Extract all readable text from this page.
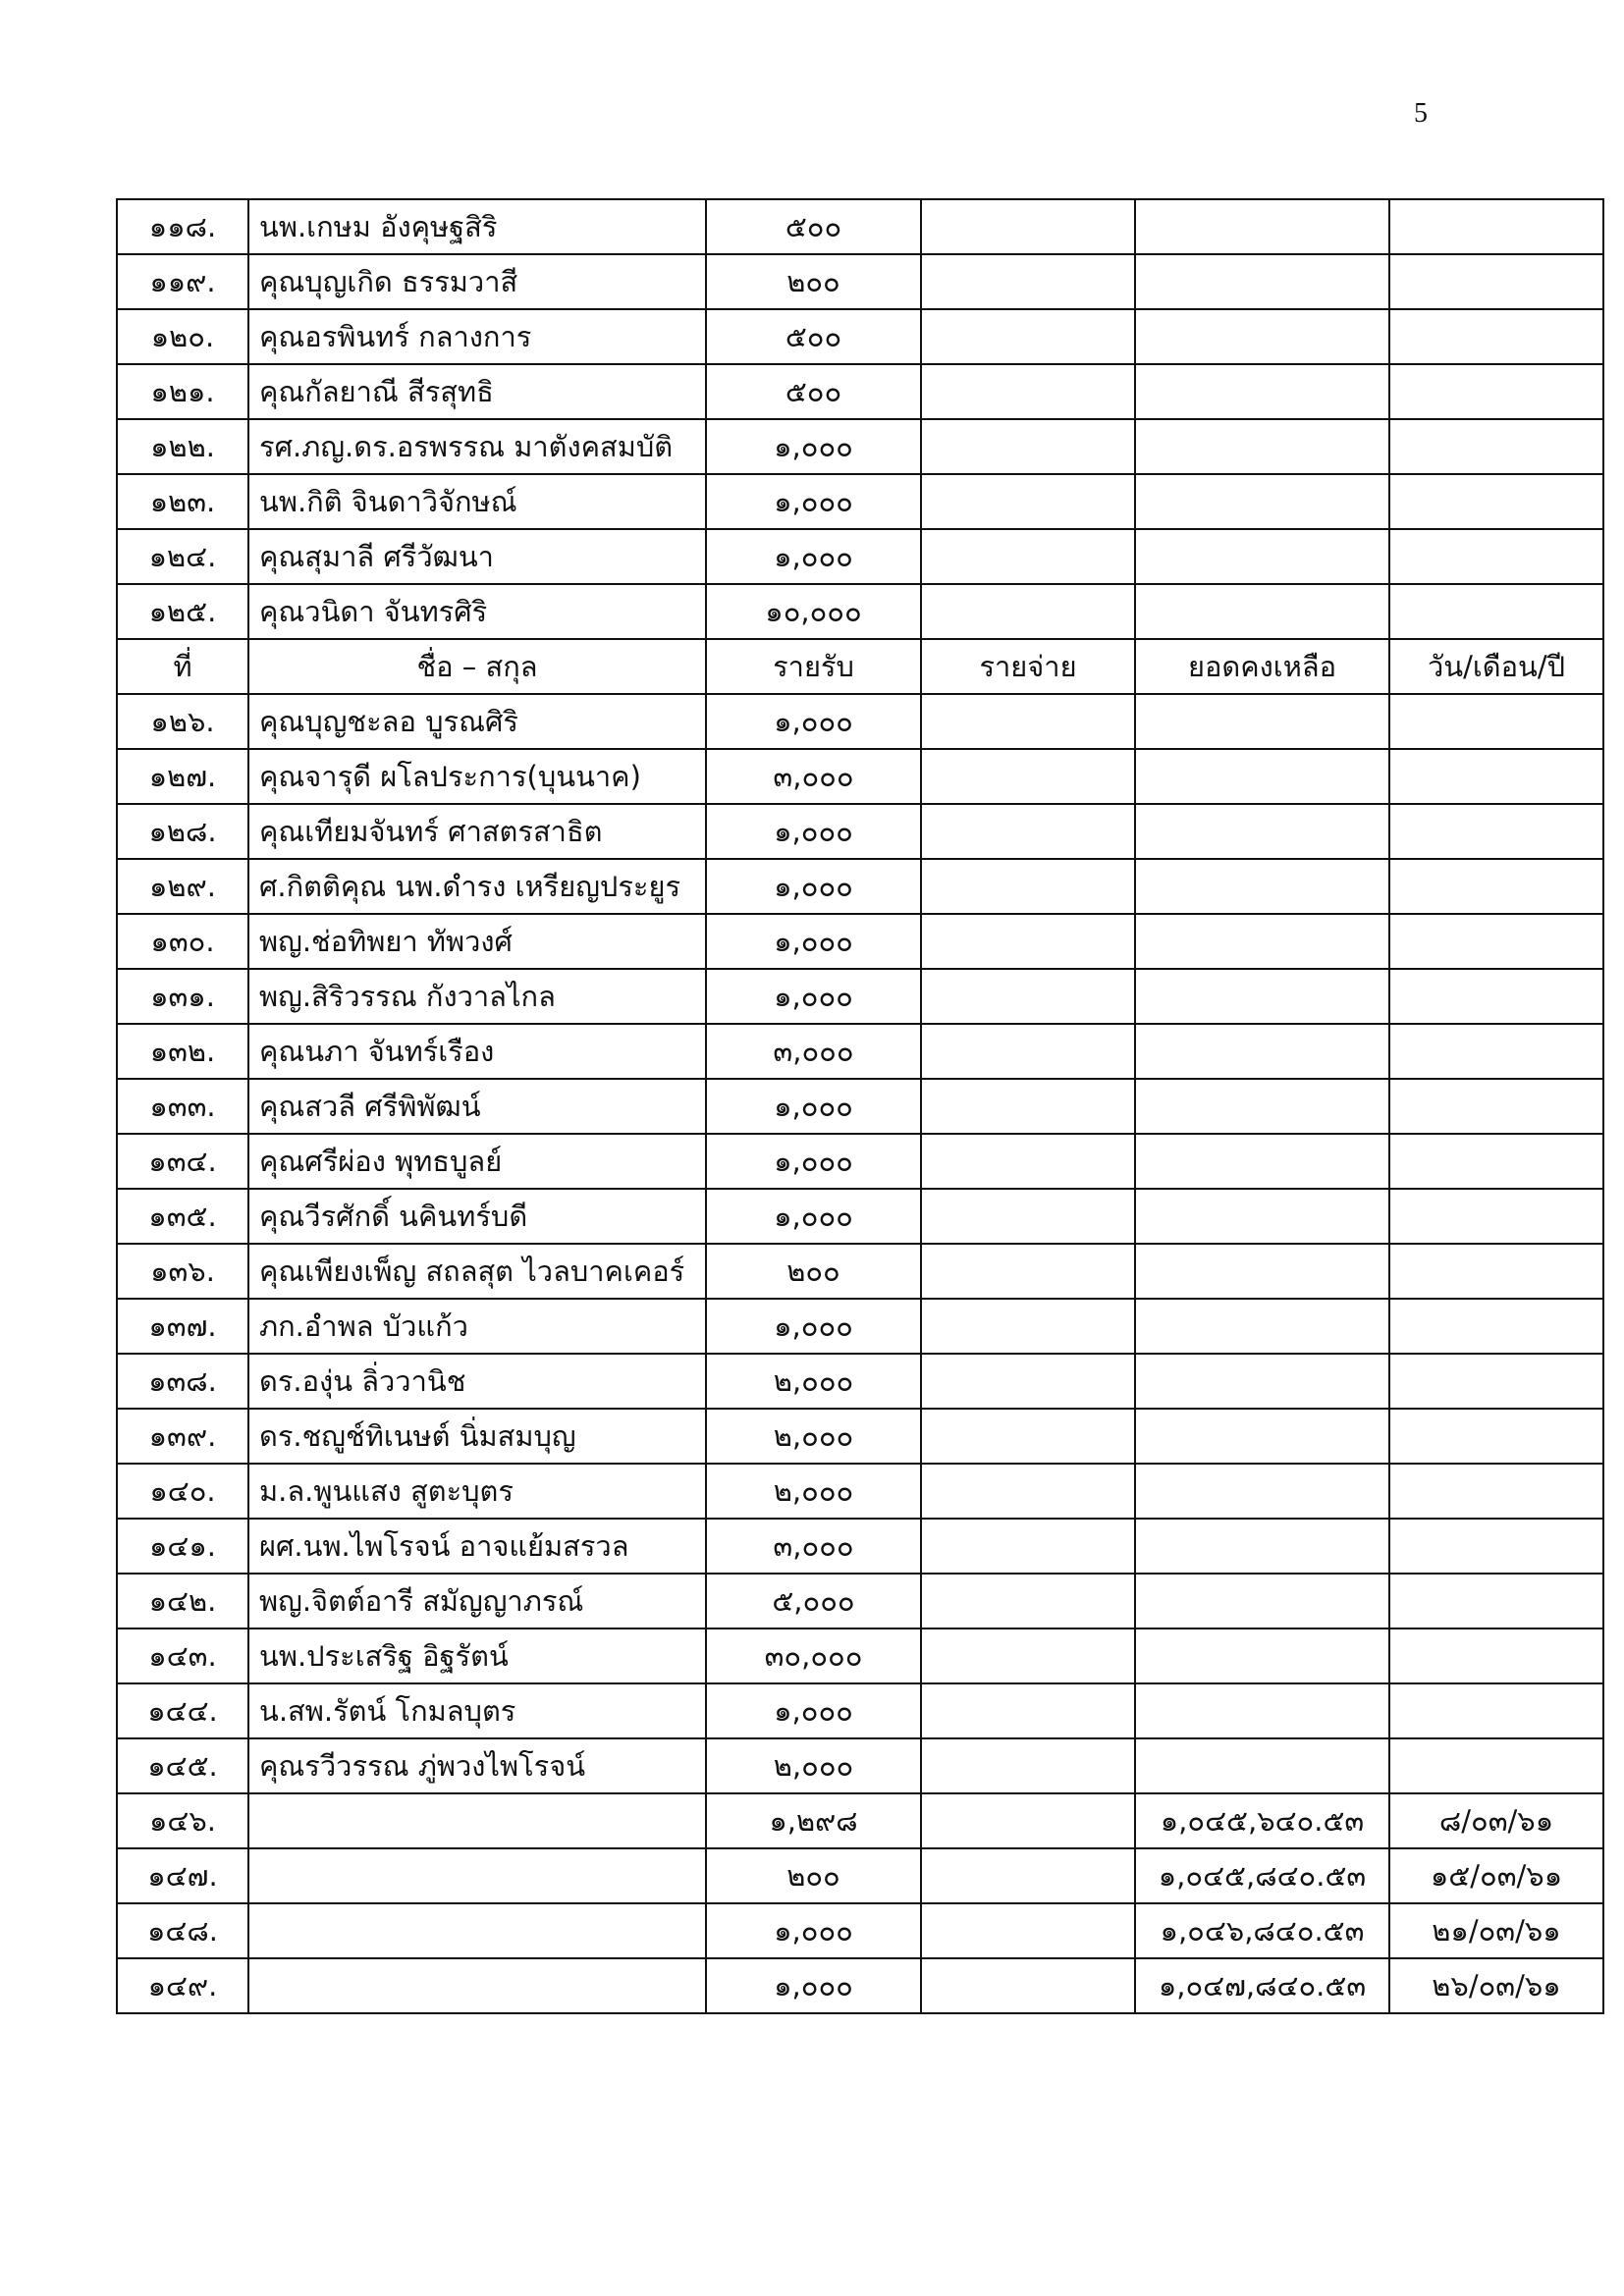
5
๑๑๘.	นพ.เกษม อังคุษฐสิริ	๕๐๐			
๑๑๙.	คุณบุญเกิด ธรรมวาสี	๒๐๐			
๑๒๐.	คุณอรพินทร์ กลางการ	๕๐๐			
๑๒๑.	คุณกัลยาณี สีรสุทธิ	๕๐๐			
๑๒๒.	รศ.ภญ.ดร.อรพรรณ มาตังคสมบัติ	๑,๐๐๐			
๑๒๓.	นพ.กิติ จินดาวิจักษณ์	๑,๐๐๐			
๑๒๔.	คุณสุมาลี ศรีวัฒนา	๑,๐๐๐			
๑๒๕.	คุณวนิดา จันทรศิริ	๑๐,๐๐๐			
ที่	ชื่อ – สกุล	รายรับ	รายจ่าย	ยอดคงเหลือ	วัน/เดือน/ปี
๑๒๖.	คุณบุญชะลอ บูรณศิริ	๑,๐๐๐			
๑๒๗.	คุณจารุดี ผโลประการ(บุนนาค)	๓,๐๐๐			
๑๒๘.	คุณเทียมจันทร์ ศาสตรสาธิต	๑,๐๐๐			
๑๒๙.	ศ.กิตติคุณ นพ.ดำรง เหรียญประยูร	๑,๐๐๐			
๑๓๐.	พญ.ช่อทิพยา ทัพวงศ์	๑,๐๐๐			
๑๓๑.	พญ.สิริวรรณ กังวาลไกล	๑,๐๐๐			
๑๓๒.	คุณนภา จันทร์เรือง	๓,๐๐๐			
๑๓๓.	คุณสวลี ศรีพิพัฒน์	๑,๐๐๐			
๑๓๔.	คุณศรีผ่อง พุทธบูลย์	๑,๐๐๐			
๑๓๕.	คุณวีรศักดิ์ นคินทร์บดี	๑,๐๐๐			
๑๓๖.	คุณเพียงเพ็ญ สถลสุต ไวลบาคเคอร์	๒๐๐			
๑๓๗.	ภก.อำพล บัวแก้ว	๑,๐๐๐			
๑๓๘.	ดร.องุ่น ลิ่ววานิช	๒,๐๐๐			
๑๓๙.	ดร.ชญูช์ทิเนษต์ นิ่มสมบุญ	๒,๐๐๐			
๑๔๐.	ม.ล.พูนแสง สูตะบุตร	๒,๐๐๐			
๑๔๑.	ผศ.นพ.ไพโรจน์ อาจแย้มสรวล	๓,๐๐๐			
๑๔๒.	พญ.จิตต์อารี สมัญญาภรณ์	๕,๐๐๐			
๑๔๓.	นพ.ประเสริฐ อิฐรัตน์	๓๐,๐๐๐			
๑๔๔.	น.สพ.รัตน์ โกมลบุตร	๑,๐๐๐			
๑๔๕.	คุณรวีวรรณ ภู่พวงไพโรจน์	๒,๐๐๐			
๑๔๖.		๑,๒๙๘		๑,๐๔๕,๖๔๐.๕๓	๘/๐๓/๖๑
๑๔๗.		๒๐๐		๑,๐๔๕,๘๔๐.๕๓	๑๕/๐๓/๖๑
๑๔๘.		๑,๐๐๐		๑,๐๔๖,๘๔๐.๕๓	๒๑/๐๓/๖๑
๑๔๙.		๑,๐๐๐		๑,๐๔๗,๘๔๐.๕๓	๒๖/๐๓/๖๑
